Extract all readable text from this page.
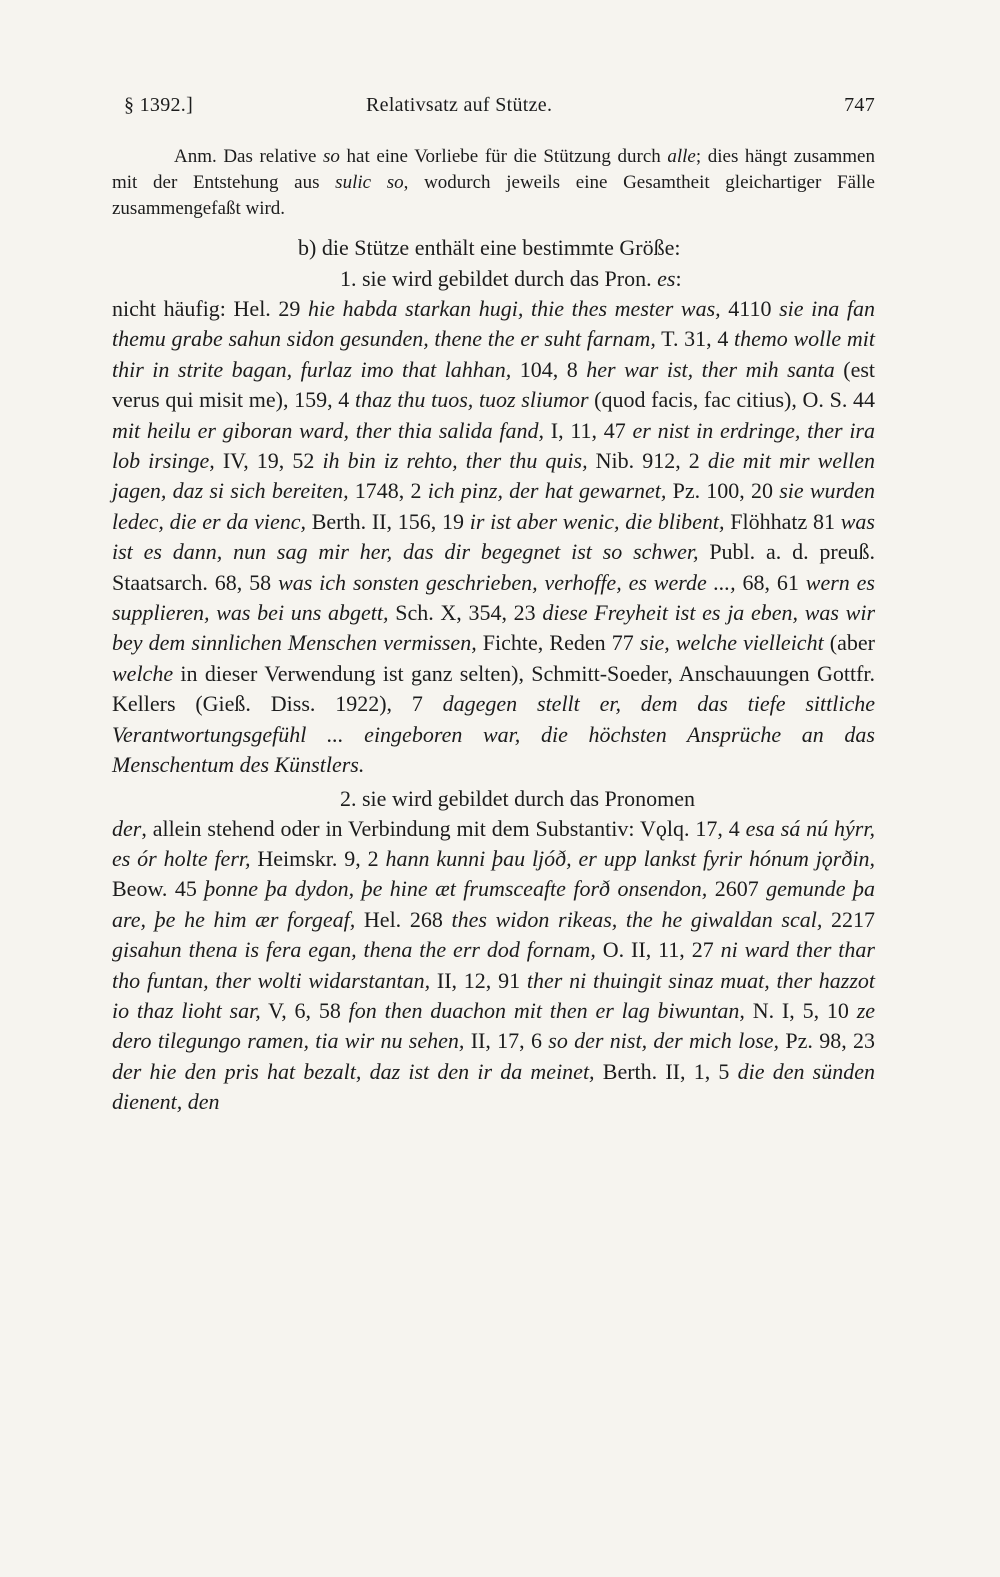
§ 1392.]	Relativsatz auf Stütze.	747

Anm. Das relative so hat eine Vorliebe für die Stützung durch alle; dies hängt zusammen mit der Entstehung aus sulic so, wodurch jeweils eine Gesamtheit gleichartiger Fälle zusammengefaßt wird.

b) die Stütze enthält eine bestimmte Größe:

1. sie wird gebildet durch das Pron. es:

nicht häufig: Hel. 29 hie habda starkan hugi, thie thes mester was, 4110 sie ina fan themu grabe sahun sidon gesunden, thene the er suht farnam, T. 31, 4 themo wolle mit thir in strite bagan, furlaz imo that lahhan, 104, 8 her war ist, ther mih santa (est verus qui misit me), 159, 4 thaz thu tuos, tuoz sliumor (quod facis, fac citius), O. S. 44 mit heilu er giboran ward, ther thia salida fand, I, 11, 47 er nist in erdringe, ther ira lob irsinge, IV, 19, 52 ih bin iz rehto, ther thu quis, Nib. 912, 2 die mit mir wellen jagen, daz si sich bereiten, 1748, 2 ich pinz, der hat gewarnet, Pz. 100, 20 sie wurden ledec, die er da vienc, Berth. II, 156, 19 ir ist aber wenic, die blibent, Flöhhatz 81 was ist es dann, nun sag mir her, das dir begegnet ist so schwer, Publ. a. d. preuß. Staatsarch. 68, 58 was ich sonsten geschrieben, verhoffe, es werde ..., 68, 61 wern es supplieren, was bei uns abgett, Sch. X, 354, 23 diese Freyheit ist es ja eben, was wir bey dem sinnlichen Menschen vermissen, Fichte, Reden 77 sie, welche vielleicht (aber welche in dieser Verwendung ist ganz selten), Schmitt-Soeder, Anschauungen Gottfr. Kellers (Gieß. Diss. 1922), 7 dagegen stellt er, dem das tiefe sittliche Verantwortungsgefühl ... eingeboren war, die höchsten Ansprüche an das Menschentum des Künstlers.

2. sie wird gebildet durch das Pronomen

der, allein stehend oder in Verbindung mit dem Substantiv: Vǫlq. 17, 4 esa sá nú hýrr, es ór holte ferr, Heimskr. 9, 2 hann kunni þau ljóð, er upp lankst fyrir hónum jǫrðin, Beow. 45 þonne þa dydon, þe hine æt frumsceafte forð onsendon, 2607 gemunde þa are, þe he him ær forgeaf, Hel. 268 thes widon rikeas, the he giwaldan scal, 2217 gisahun thena is fera egan, thena the err dod fornam, O. II, 11, 27 ni ward ther thar tho funtan, ther wolti widarstantan, II, 12, 91 ther ni thuingit sinaz muat, ther hazzot io thaz lioht sar, V, 6, 58 fon then duachon mit then er lag biwuntan, N. I, 5, 10 ze dero tilegungo ramen, tia wir nu sehen, II, 17, 6 so der nist, der mich lose, Pz. 98, 23 der hie den pris hat bezalt, daz ist den ir da meinet, Berth. II, 1, 5 die den sünden dienent, den
